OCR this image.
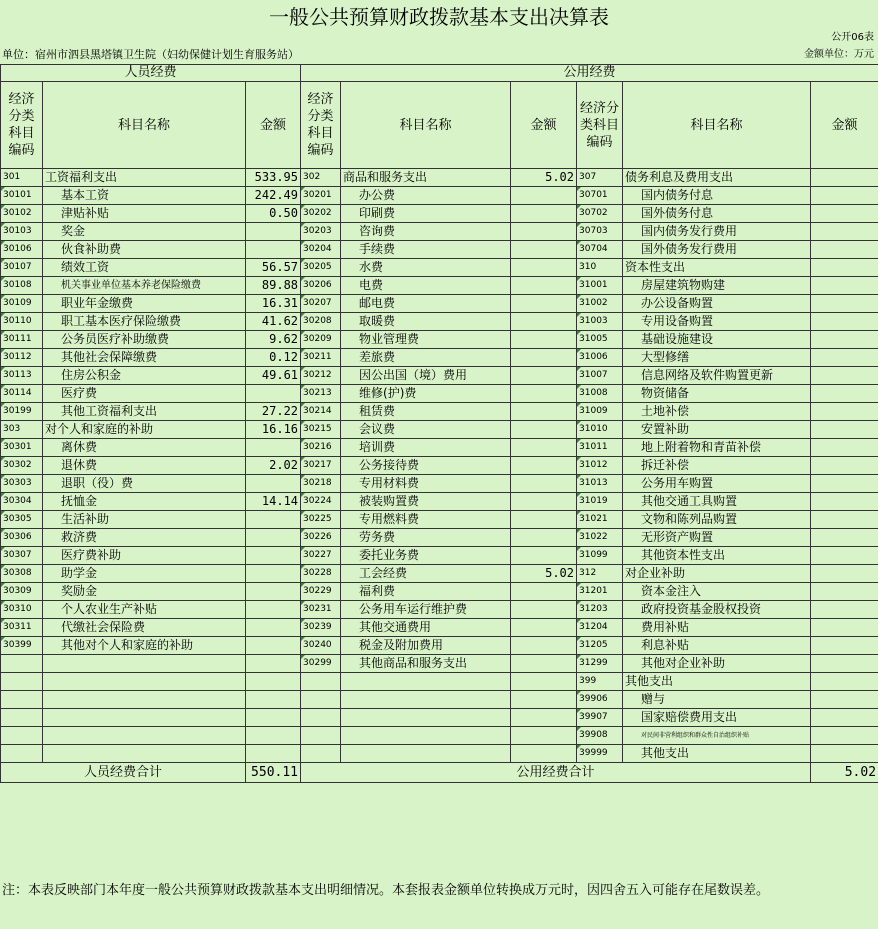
一般公共预算财政拨款基本支出决算表
公开06表
单位：宿州市泗县黑塔镇卫生院（妇幼保健计划生育服务站）	金额单位：万元
人员经费			公用经费					
经济分类科目编码	科目名称	金额	经济分类科目编码	科目名称	金额	经济分类科目编码	科目名称	金额
301	工资福利支出	533.95	302	商品和服务支出	5.02	307	债务利息及费用支出	
30101	基本工资	242.49	30201	办公费		30701	国内债务付息	
30102	津贴补贴	0.50	30202	印刷费		30702	国外债务付息	
30103	奖金		30203	咨询费		30703	国内债务发行费用	
30106	伙食补助费		30204	手续费		30704	国外债务发行费用	
30107	绩效工资	56.57	30205	水费		310	资本性支出	
30108	机关事业单位基本养老保险缴费	89.88	30206	电费		31001	房屋建筑物购建	
30109	职业年金缴费	16.31	30207	邮电费		31002	办公设备购置	
30110	职工基本医疗保险缴费	41.62	30208	取暖费		31003	专用设备购置	
30111	公务员医疗补助缴费	9.62	30209	物业管理费		31005	基础设施建设	
30112	其他社会保障缴费	0.12	30211	差旅费		31006	大型修缮	
30113	住房公积金	49.61	30212	因公出国（境）费用		31007	信息网络及软件购置更新	
30114	医疗费		30213	维修(护)费		31008	物资储备	
30199	其他工资福利支出	27.22	30214	租赁费		31009	土地补偿	
303	对个人和家庭的补助	16.16	30215	会议费		31010	安置补助	
30301	离休费		30216	培训费		31011	地上附着物和青苗补偿	
30302	退休费	2.02	30217	公务接待费		31012	拆迁补偿	
30303	退职（役）费		30218	专用材料费		31013	公务用车购置	
30304	抚恤金	14.14	30224	被装购置费		31019	其他交通工具购置	
30305	生活补助		30225	专用燃料费		31021	文物和陈列品购置	
30306	救济费		30226	劳务费		31022	无形资产购置	
30307	医疗费补助		30227	委托业务费		31099	其他资本性支出	
30308	助学金		30228	工会经费	5.02	312	对企业补助	
30309	奖励金		30229	福利费		31201	资本金注入	
30310	个人农业生产补贴		30231	公务用车运行维护费		31203	政府投资基金股权投资	
30311	代缴社会保险费		30239	其他交通费用		31204	费用补贴	
30399	其他对个人和家庭的补助		30240	税金及附加费用		31205	利息补贴	
			30299	其他商品和服务支出		31299	其他对企业补助	
						399	其他支出	
						39906	赠与	
						39907	国家赔偿费用支出	
						39908	对民间非营利组织和群众性自治组织补贴	
						39999	其他支出	
人员经费合计		550.11	公用经费合计					5.02
注：本表反映部门本年度一般公共预算财政拨款基本支出明细情况。本套报表金额单位转换成万元时，因四舍五入可能存在尾数误差。
